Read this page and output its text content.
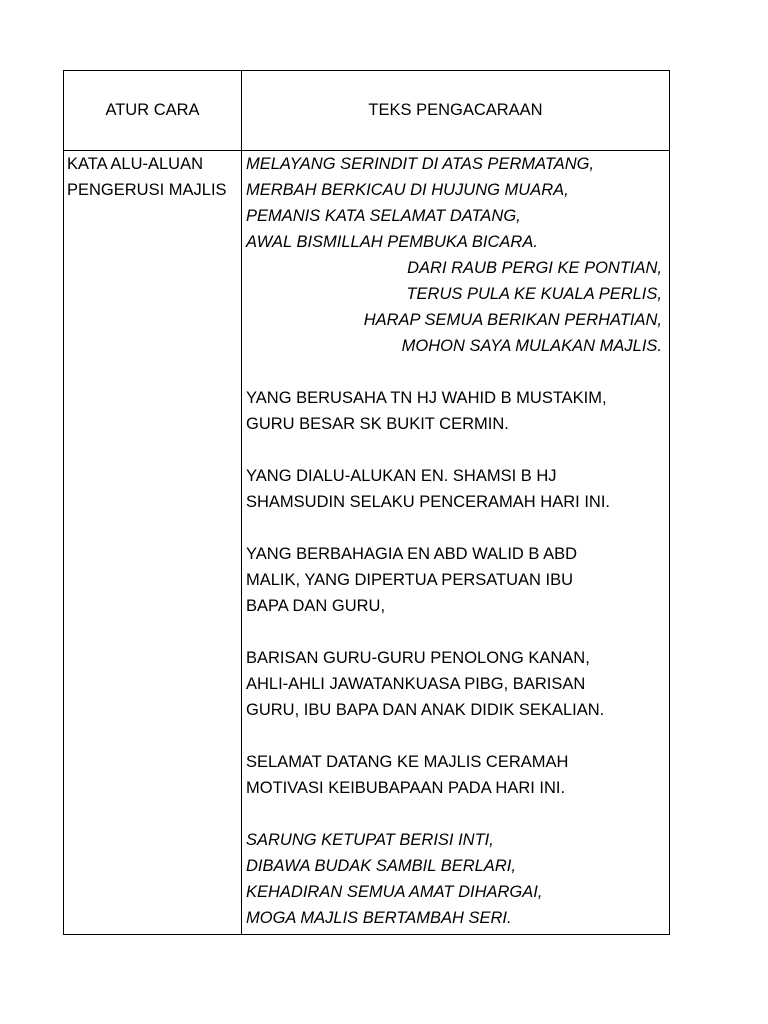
ATUR CARA	TEKS PENGACARAAN
KATA ALU-ALUAN
PENGERUSI MAJLIS
MELAYANG SERINDIT DI ATAS PERMATANG,
MERBAH BERKICAU DI HUJUNG MUARA,
PEMANIS KATA SELAMAT DATANG,
AWAL BISMILLAH PEMBUKA BICARA.
DARI RAUB PERGI KE PONTIAN,
TERUS PULA KE KUALA PERLIS,
HARAP SEMUA BERIKAN PERHATIAN,
MOHON SAYA MULAKAN MAJLIS.
YANG BERUSAHA TN HJ WAHID B MUSTAKIM,
GURU BESAR SK BUKIT CERMIN.
YANG DIALU-ALUKAN EN. SHAMSI B HJ
SHAMSUDIN SELAKU PENCERAMAH HARI INI.
YANG BERBAHAGIA EN ABD WALID B ABD
MALIK, YANG DIPERTUA PERSATUAN IBU
BAPA DAN GURU,
BARISAN GURU-GURU PENOLONG KANAN,
AHLI-AHLI JAWATANKUASA PIBG, BARISAN
GURU, IBU BAPA DAN ANAK DIDIK SEKALIAN.
SELAMAT DATANG KE MAJLIS CERAMAH
MOTIVASI KEIBUBAPAAN PADA HARI INI.
SARUNG KETUPAT BERISI INTI,
DIBAWA BUDAK SAMBIL BERLARI,
KEHADIRAN SEMUA AMAT DIHARGAI,
MOGA MAJLIS BERTAMBAH SERI.
